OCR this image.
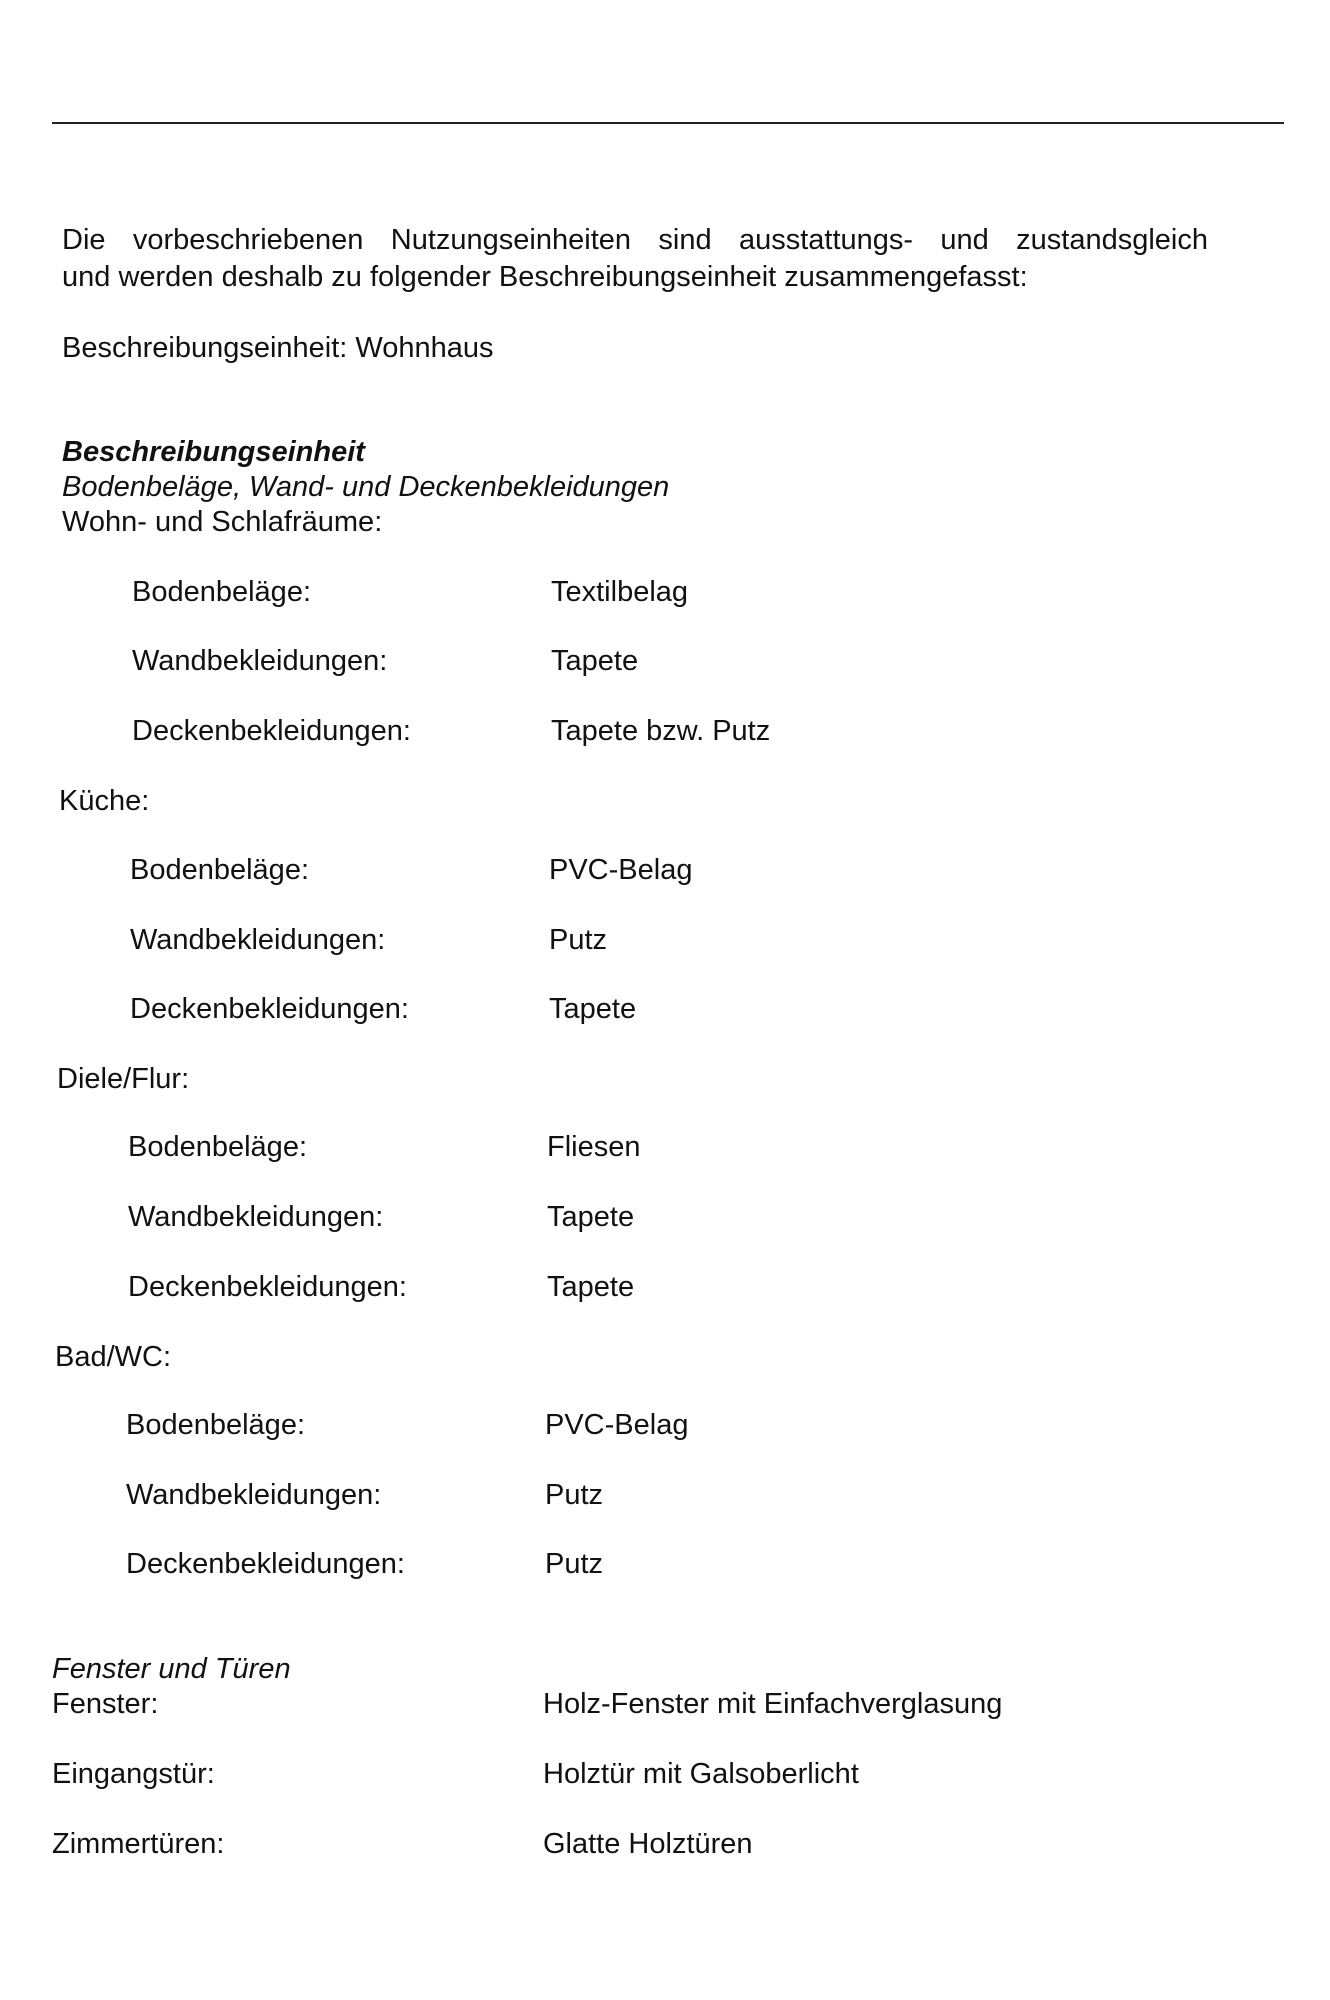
Die vorbeschriebenen Nutzungseinheiten sind ausstattungs- und zustandsgleich
und werden deshalb zu folgender Beschreibungseinheit zusammengefasst:
Beschreibungseinheit: Wohnhaus
Beschreibungseinheit
Bodenbeläge, Wand- und Deckenbekleidungen
Wohn- und Schlafräume:
Bodenbeläge:	Textilbelag
Wandbekleidungen:	Tapete
Deckenbekleidungen:	Tapete bzw. Putz
Küche:
Bodenbeläge:	PVC-Belag
Wandbekleidungen:	Putz
Deckenbekleidungen:	Tapete
Diele/Flur:
Bodenbeläge:	Fliesen
Wandbekleidungen:	Tapete
Deckenbekleidungen:	Tapete
Bad/WC:
Bodenbeläge:	PVC-Belag
Wandbekleidungen:	Putz
Deckenbekleidungen:	Putz
Fenster und Türen
Fenster:	Holz-Fenster mit Einfachverglasung
Eingangstür:	Holztür mit Galsoberlicht
Zimmertüren:	Glatte Holztüren
